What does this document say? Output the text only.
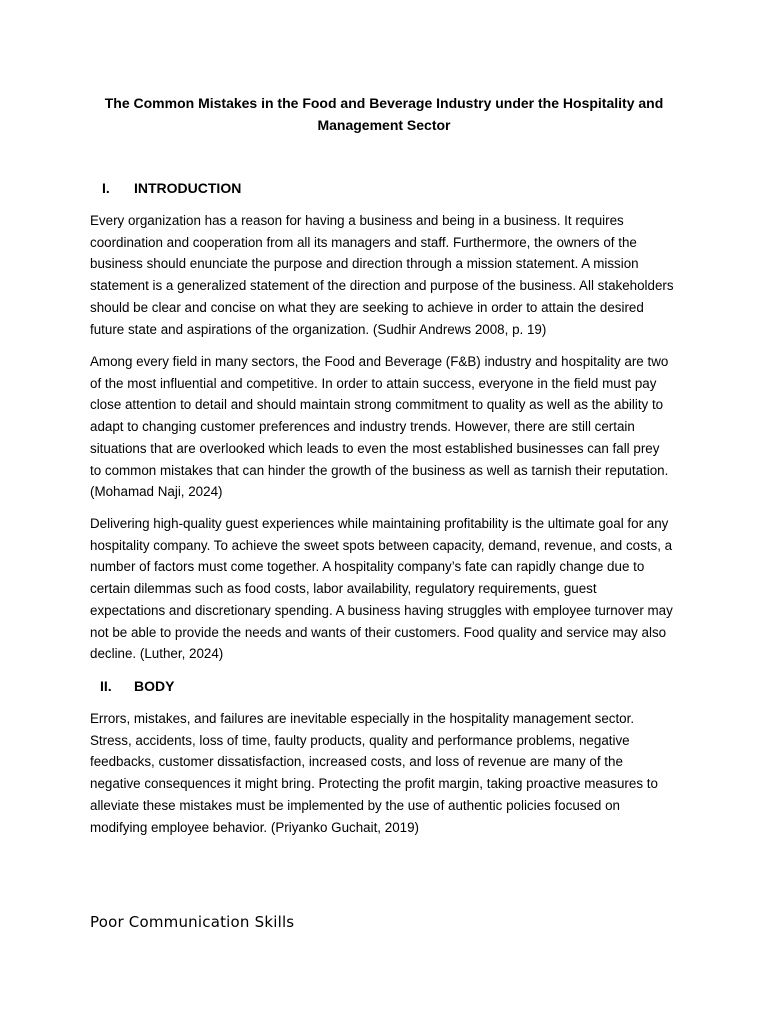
The Common Mistakes in the Food and Beverage Industry under the Hospitality and Management Sector
I. INTRODUCTION

Every organization has a reason for having a business and being in a business. It requires coordination and cooperation from all its managers and staff. Furthermore, the owners of the business should enunciate the purpose and direction through a mission statement. A mission statement is a generalized statement of the direction and purpose of the business. All stakeholders should be clear and concise on what they are seeking to achieve in order to attain the desired future state and aspirations of the organization. (Sudhir Andrews 2008, p. 19)

Among every field in many sectors, the Food and Beverage (F&B) industry and hospitality are two of the most influential and competitive. In order to attain success, everyone in the field must pay close attention to detail and should maintain strong commitment to quality as well as the ability to adapt to changing customer preferences and industry trends. However, there are still certain situations that are overlooked which leads to even the most established businesses can fall prey to common mistakes that can hinder the growth of the business as well as tarnish their reputation. (Mohamad Naji, 2024)

Delivering high-quality guest experiences while maintaining profitability is the ultimate goal for any hospitality company. To achieve the sweet spots between capacity, demand, revenue, and costs, a number of factors must come together. A hospitality company’s fate can rapidly change due to certain dilemmas such as food costs, labor availability, regulatory requirements, guest expectations and discretionary spending. A business having struggles with employee turnover may not be able to provide the needs and wants of their customers. Food quality and service may also decline. (Luther, 2024)

II. BODY

Errors, mistakes, and failures are inevitable especially in the hospitality management sector. Stress, accidents, loss of time, faulty products, quality and performance problems, negative feedbacks, customer dissatisfaction, increased costs, and loss of revenue are many of the negative consequences it might bring. Protecting the profit margin, taking proactive measures to alleviate these mistakes must be implemented by the use of authentic policies focused on modifying employee behavior. (Priyanko Guchait, 2019)

Poor Communication Skills
